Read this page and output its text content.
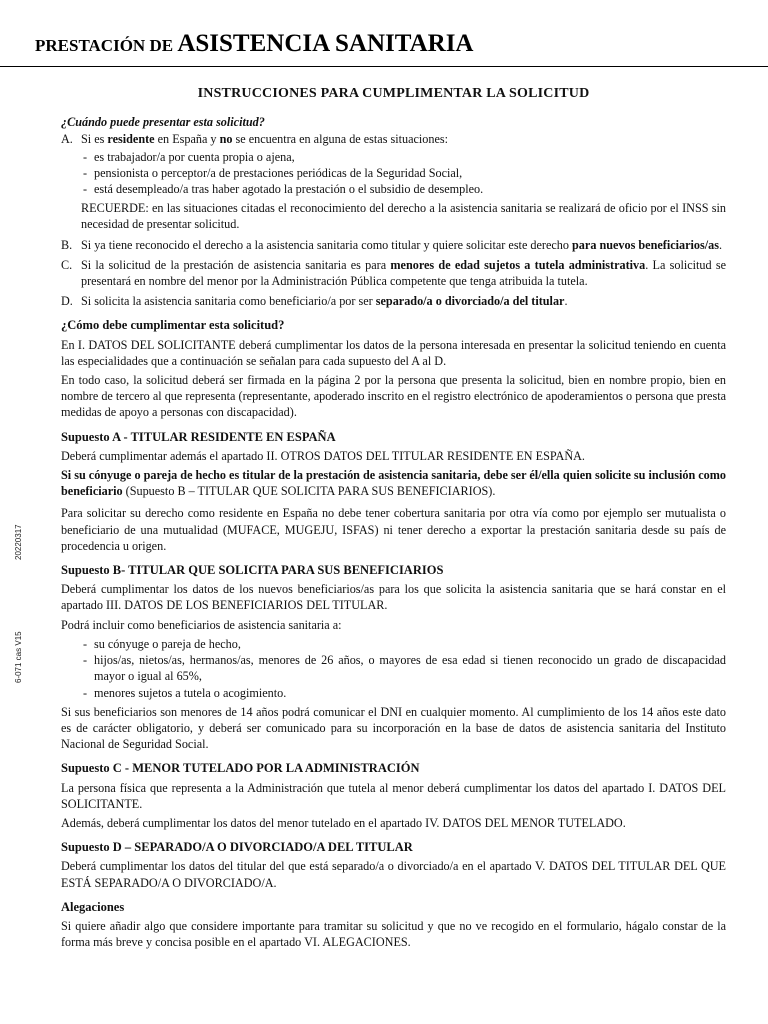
PRESTACIÓN DE ASISTENCIA SANITARIA
20220317
6-071 cas V15
INSTRUCCIONES PARA CUMPLIMENTAR LA SOLICITUD
¿Cuándo puede presentar esta solicitud?
A. Si es residente en España y no se encuentra en alguna de estas situaciones:
- es trabajador/a por cuenta propia o ajena,
- pensionista o perceptor/a de prestaciones periódicas de la Seguridad Social,
- está desempleado/a tras haber agotado la prestación o el subsidio de desempleo.

RECUERDE: en las situaciones citadas el reconocimiento del derecho a la asistencia sanitaria se realizará de oficio por el INSS sin necesidad de presentar solicitud.

B. Si ya tiene reconocido el derecho a la asistencia sanitaria como titular y quiere solicitar este derecho para nuevos beneficiarios/as.
C. Si la solicitud de la prestación de asistencia sanitaria es para menores de edad sujetos a tutela administrativa. La solicitud se presentará en nombre del menor por la Administración Pública competente que tenga atribuida la tutela.
D. Si solicita la asistencia sanitaria como beneficiario/a por ser separado/a o divorciado/a del titular.
¿Cómo debe cumplimentar esta solicitud?

En I. DATOS DEL SOLICITANTE deberá cumplimentar los datos de la persona interesada en presentar la solicitud teniendo en cuenta las especialidades que a continuación se señalan para cada supuesto del A al D.

En todo caso, la solicitud deberá ser firmada en la página 2 por la persona que presenta la solicitud, bien en nombre propio, bien en nombre de tercero al que representa (representante, apoderado inscrito en el registro electrónico de apoderamientos o persona que presta medidas de apoyo a personas con discapacidad).

Supuesto A - TITULAR RESIDENTE EN ESPAÑA

Deberá cumplimentar además el apartado II. OTROS DATOS DEL TITULAR RESIDENTE EN ESPAÑA.

Si su cónyuge o pareja de hecho es titular de la prestación de asistencia sanitaria, debe ser él/ella quien solicite su inclusión como beneficiario (Supuesto B – TITULAR QUE SOLICITA PARA SUS BENEFICIARIOS).

Para solicitar su derecho como residente en España no debe tener cobertura sanitaria por otra vía como por ejemplo ser mutualista o beneficiario de una mutualidad (MUFACE, MUGEJU, ISFAS) ni tener derecho a exportar la prestación sanitaria desde su país de procedencia u origen.

Supuesto B- TITULAR QUE SOLICITA PARA SUS BENEFICIARIOS

Deberá cumplimentar los datos de los nuevos beneficiarios/as para los que solicita la asistencia sanitaria que se hará constar en el apartado III. DATOS DE LOS BENEFICIARIOS DEL TITULAR.

Podrá incluir como beneficiarios de asistencia sanitaria a:

- su cónyuge o pareja de hecho,
- hijos/as, nietos/as, hermanos/as, menores de 26 años, o mayores de esa edad si tienen reconocido un grado de discapacidad mayor o igual al 65%,
- menores sujetos a tutela o acogimiento.

Si sus beneficiarios son menores de 14 años podrá comunicar el DNI en cualquier momento. Al cumplimiento de los 14 años este dato es de carácter obligatorio, y deberá ser comunicado para su incorporación en la base de datos de asistencia sanitaria del Instituto Nacional de Seguridad Social.

Supuesto C - MENOR TUTELADO POR LA ADMINISTRACIÓN

La persona física que representa a la Administración que tutela al menor deberá cumplimentar los datos del apartado I. DATOS DEL SOLICITANTE.

Además, deberá cumplimentar los datos del menor tutelado en el apartado IV. DATOS DEL MENOR TUTELADO.

Supuesto D – SEPARADO/A O DIVORCIADO/A DEL TITULAR

Deberá cumplimentar los datos del titular del que está separado/a o divorciado/a en el apartado V. DATOS DEL TITULAR DEL QUE ESTÁ SEPARADO/A O DIVORCIADO/A.

Alegaciones

Si quiere añadir algo que considere importante para tramitar su solicitud y que no ve recogido en el formulario, hágalo constar de la forma más breve y concisa posible en el apartado VI. ALEGACIONES.
